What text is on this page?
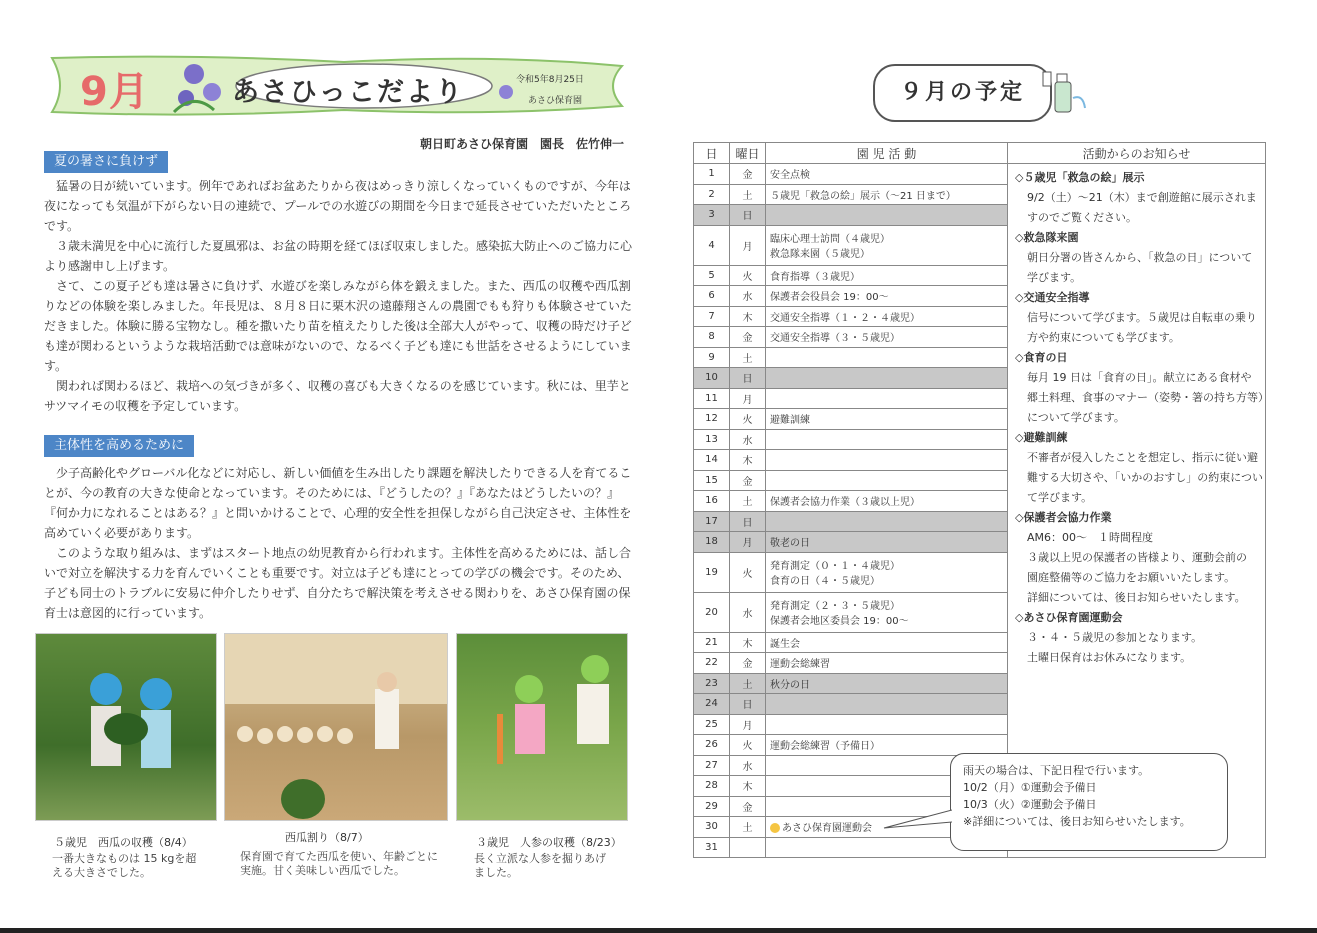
9月	あさひっこだより	令和5年8月25日
あさひ保育園
朝日町あさひ保育園　園長　佐竹伸一
夏の暑さに負けず

　猛暑の日が続いています。例年であればお盆あたりから夜はめっきり涼しくなっていくものですが、今年は夜になっても気温が下がらない日の連続で、プールでの水遊びの期間を今日まで延長させていただいたところです。

　３歳未満児を中心に流行した夏風邪は、お盆の時期を経てほぼ収束しました。感染拡大防止へのご協力に心より感謝申し上げます。

　さて、この夏子ども達は暑さに負けず、水遊びを楽しみながら体を鍛えました。また、西瓜の収穫や西瓜割りなどの体験を楽しみました。年長児は、８月８日に栗木沢の遠藤翔さんの農園でもも狩りも体験させていただきました。体験に勝る宝物なし。種を撒いたり苗を植えたりした後は全部大人がやって、収穫の時だけ子ども達が関わるというような栽培活動では意味がないので、なるべく子ども達にも世話をさせるようにしています。

　関われば関わるほど、栽培への気づきが多く、収穫の喜びも大きくなるのを感じています。秋には、里芋とサツマイモの収穫を予定しています。

主体性を高めるために

　少子高齢化やグローバル化などに対応し、新しい価値を生み出したり課題を解決したりできる人を育てることが、今の教育の大きな使命となっています。そのためには、『どうしたの？』『あなたはどうしたいの？』『何か力になれることはある？』と問いかけることで、心理的安全性を担保しながら自己決定させ、主体性を高めていく必要があります。

　このような取り組みは、まずはスタート地点の幼児教育から行われます。主体性を高めるためには、話し合いで対立を解決する力を育んでいくことも重要です。対立は子ども達にとっての学びの機会です。そのため、子ども同士のトラブルに安易に仲介したりせず、自分たちで解決策を考えさせる関わりを、あさひ保育園の保育士は意図的に行っています。

５歳児　西瓜の収穫（8/4）
一番大きなものは 15 kgを超える大きさでした。
西瓜割り（8/7）
保育園で育てた西瓜を使い、年齢ごとに実施。甘く美味しい西瓜でした。
３歳児　人参の収穫（8/23）
長く立派な人参を掘りあげました。
９月の予定
日	曜日	園 児 活 動	活動からのお知らせ
1	金	安全点検	
2	土	５歳児「救急の絵」展示（～21 日まで）	
3	日		
4	月	臨床心理士訪問（４歳児）
救急隊来園（５歳児）	
5	火	食育指導（３歳児）	
6	水	保護者会役員会 19：00～	
7	木	交通安全指導（１・２・４歳児）	
8	金	交通安全指導（３・５歳児）	
9	土		
10	日		
11	月		
12	火	避難訓練	
13	水		
14	木		
15	金		
16	土	保護者会協力作業（３歳以上児）	
17	日		
18	月	敬老の日	
19	火	発育測定（０・１・４歳児）
食育の日（４・５歳児）	
20	水	発育測定（２・３・５歳児）
保護者会地区委員会 19：00～	
21	木	誕生会	
22	金	運動会総練習	
23	土	秋分の日	
24	日		
25	月		
26	火	運動会総練習（予備日）	
27	水		
28	木		
29	金		
30	土	あさひ保育園運動会	
31			
◇５歳児「救急の絵」展示
9/2（土）～21（木）まで創遊館に展示されま
すのでご覧ください。
◇救急隊来園
朝日分署の皆さんから、「救急の日」について
学びます。
◇交通安全指導
信号について学びます。５歳児は自転車の乗り
方や約束についても学びます。
◇食育の日
毎月 19 日は「食育の日」。献立にある食材や
郷土料理、食事のマナー（姿勢・箸の持ち方等）
について学びます。
◇避難訓練
不審者が侵入したことを想定し、指示に従い避
難する大切さや、「いかのおすし」の約束につい
て学びます。
◇保護者会協力作業
AM6：00～　１時間程度
３歳以上児の保護者の皆様より、運動会前の
園庭整備等のご協力をお願いいたします。
詳細については、後日お知らせいたします。
◇あさひ保育園運動会
３・４・５歳児の参加となります。
土曜日保育はお休みになります。
雨天の場合は、下記日程で行います。
10/2（月）①運動会予備日
10/3（火）②運動会予備日
※詳細については、後日お知らせいたします。
